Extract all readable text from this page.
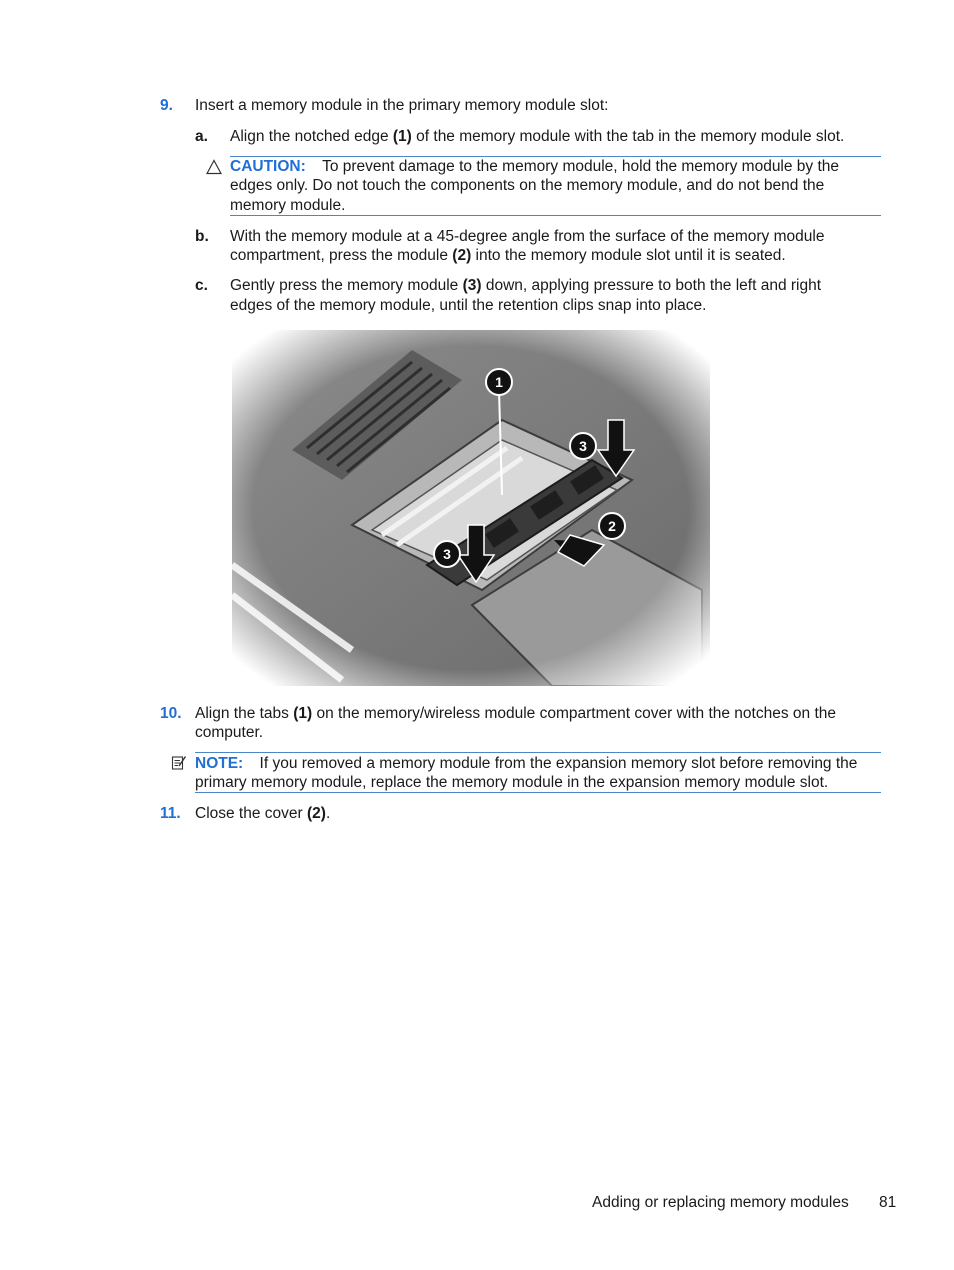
9. Insert a memory module in the primary memory module slot:
a. Align the notched edge (1) of the memory module with the tab in the memory module slot.
CAUTION: To prevent damage to the memory module, hold the memory module by the
edges only. Do not touch the components on the memory module, and do not bend the
memory module.
b. With the memory module at a 45-degree angle from the surface of the memory module
compartment, press the module (2) into the memory module slot until it is seated.
c. Gently press the memory module (3) down, applying pressure to both the left and right
edges of the memory module, until the retention clips snap into place.
1
3
2
3
10. Align the tabs (1) on the memory/wireless module compartment cover with the notches on the
computer.
NOTE: If you removed a memory module from the expansion memory slot before removing the
primary memory module, replace the memory module in the expansion memory module slot.
11. Close the cover (2).
Adding or replacing memory modules 81
